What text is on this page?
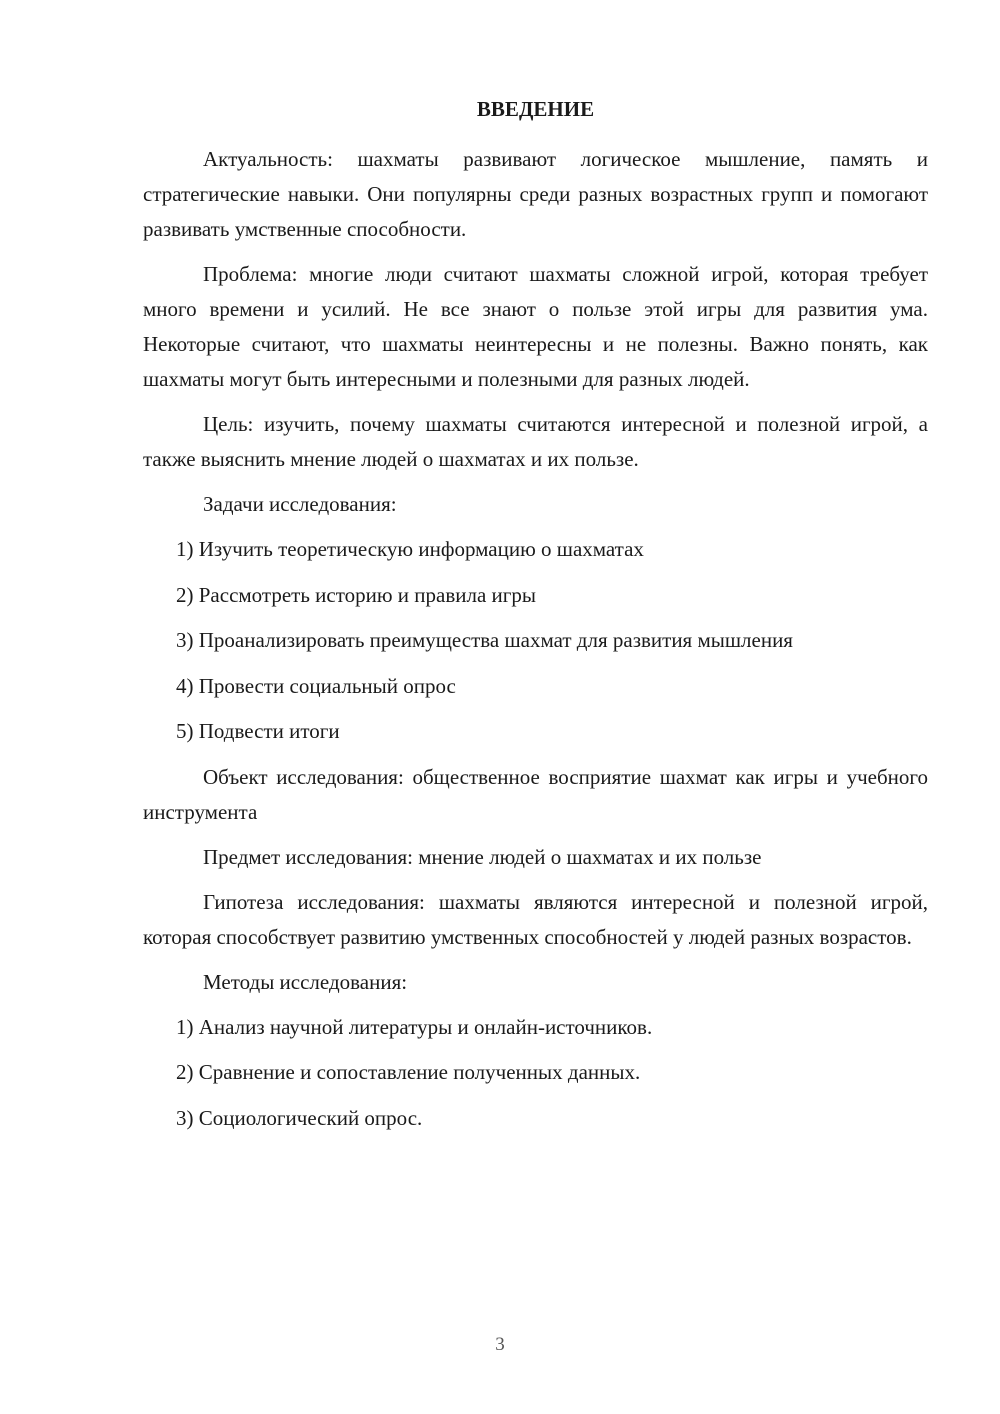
ВВЕДЕНИЕ

Актуальность: шахматы развивают логическое мышление, память и стратегические навыки. Они популярны среди разных возрастных групп и помогают развивать умственные способности.

Проблема: многие люди считают шахматы сложной игрой, которая требует много времени и усилий. Не все знают о пользе этой игры для развития ума. Некоторые считают, что шахматы неинтересны и не полезны. Важно понять, как шахматы могут быть интересными и полезными для разных людей.

Цель: изучить, почему шахматы считаются интересной и полезной игрой, а также выяснить мнение людей о шахматах и их пользе.

Задачи исследования:

1) Изучить теоретическую информацию о шахматах
2) Рассмотреть историю и правила игры
3) Проанализировать преимущества шахмат для развития мышления
4) Провести социальный опрос
5) Подвести итоги

Объект исследования: общественное восприятие шахмат как игры и учебного инструмента

Предмет исследования: мнение людей о шахматах и их пользе

Гипотеза исследования: шахматы являются интересной и полезной игрой, которая способствует развитию умственных способностей у людей разных возрастов.

Методы исследования:

1) Анализ научной литературы и онлайн-источников.
2) Сравнение и сопоставление полученных данных.
3) Социологический опрос.
3
